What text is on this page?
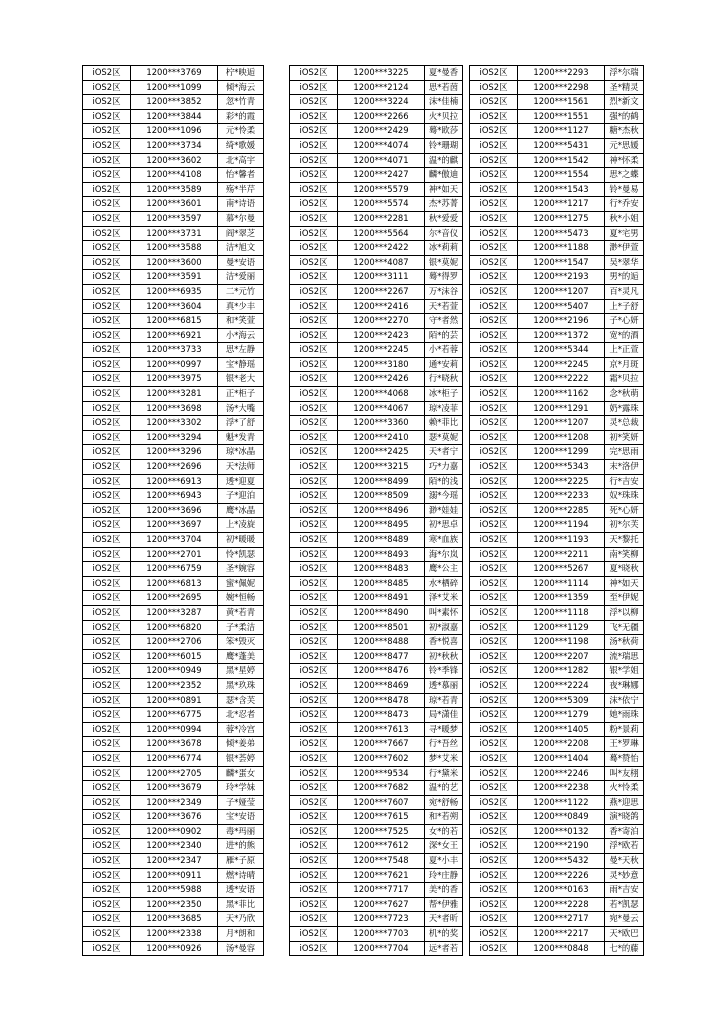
iOS2区	1200***3769	柠*映逅
iOS2区	1200***1099	倾*海云
iOS2区	1200***3852	忽*竹青
iOS2区	1200***3844	彩*的霞
iOS2区	1200***1096	元*怜柔
iOS2区	1200***3734	绮*歌媛
iOS2区	1200***3602	北*高宇
iOS2区	1200***4108	怡*馨者
iOS2区	1200***3589	殇*半芹
iOS2区	1200***3601	南*诗语
iOS2区	1200***3597	慕*尔曼
iOS2区	1200***3731	阎*翠芝
iOS2区	1200***3588	洁*旭文
iOS2区	1200***3600	曼*安语
iOS2区	1200***3591	洁*爱丽
iOS2区	1200***6935	二*元竹
iOS2区	1200***3604	真*少丰
iOS2区	1200***6815	和*笑萱
iOS2区	1200***6921	小*海云
iOS2区	1200***3733	思*左静
iOS2区	1200***0997	宝*静瑶
iOS2区	1200***3975	银*老大
iOS2区	1200***3281	正*柜子
iOS2区	1200***3698	汤*大嘴
iOS2区	1200***3302	浮*了舒
iOS2区	1200***3294	魁*发青
iOS2区	1200***3296	琼*冰晶
iOS2区	1200***2696	天*法师
iOS2区	1200***6913	透*迎夏
iOS2区	1200***6943	子*迎泊
iOS2区	1200***3696	鹰*冰晶
iOS2区	1200***3697	上*凌旋
iOS2区	1200***3704	初*暖暖
iOS2区	1200***2701	怜*凯瑟
iOS2区	1200***6759	圣*婉容
iOS2区	1200***6813	蜜*佩妮
iOS2区	1200***2695	婉*恒畅
iOS2区	1200***3287	黄*若青
iOS2区	1200***6820	子*柔洁
iOS2区	1200***2706	笨*毁灭
iOS2区	1200***6015	鹰*蓬美
iOS2区	1200***0949	黑*星婷
iOS2区	1200***2352	黑*玖珠
iOS2区	1200***0891	瑟*含芙
iOS2区	1200***6775	北*忍者
iOS2区	1200***0994	蓉*冷宫
iOS2区	1200***3678	倾*姜弟
iOS2区	1200***6774	银*荟婷
iOS2区	1200***2705	麟*蛋女
iOS2区	1200***3679	玲*学妹
iOS2区	1200***2349	子*娅莹
iOS2区	1200***3676	宝*安语
iOS2区	1200***0902	毒*玛丽
iOS2区	1200***2340	进*的熊
iOS2区	1200***2347	雁*子原
iOS2区	1200***0911	燃*诗晴
iOS2区	1200***5988	透*安语
iOS2区	1200***2350	黑*菲比
iOS2区	1200***3685	天*乃欣
iOS2区	1200***2338	月*朗和
iOS2区	1200***0926	汤*曼容
iOS2区	1200***3225	夏*曼香
iOS2区	1200***2124	思*若茵
iOS2区	1200***3224	沫*佳楠
iOS2区	1200***2266	火*贝拉
iOS2区	1200***2429	蓦*欧莎
iOS2区	1200***4074	铃*珊瑚
iOS2区	1200***4071	温*的麒
iOS2区	1200***2427	麟*傲迪
iOS2区	1200***5579	神*如天
iOS2区	1200***5574	杰*苏菁
iOS2区	1200***2281	秋*爱爱
iOS2区	1200***5564	尔*音仪
iOS2区	1200***2422	冰*莉莉
iOS2区	1200***4087	银*莫妮
iOS2区	1200***3111	蓦*得罗
iOS2区	1200***2267	万*沫谷
iOS2区	1200***2416	天*若萱
iOS2区	1200***2270	守*者然
iOS2区	1200***2423	陌*的芸
iOS2区	1200***2245	小*若蓉
iOS2区	1200***3180	通*安莉
iOS2区	1200***2426	行*晓秋
iOS2区	1200***4068	冰*柜子
iOS2区	1200***4067	琼*凌菲
iOS2区	1200***3360	赖*菲比
iOS2区	1200***2410	瑟*莫妮
iOS2区	1200***2425	天*者宁
iOS2区	1200***3215	巧*力嘉
iOS2区	1200***8499	陌*的浅
iOS2区	1200***8509	溺*今瑶
iOS2区	1200***8496	渺*娃娃
iOS2区	1200***8495	初*思卓
iOS2区	1200***8489	寒*血族
iOS2区	1200***8493	海*尔岚
iOS2区	1200***8483	鹰*公主
iOS2区	1200***8485	水*栖碎
iOS2区	1200***8491	泽*艾米
iOS2区	1200***8490	叫*素怀
iOS2区	1200***8501	初*淑嘉
iOS2区	1200***8488	香*悦喜
iOS2区	1200***8477	初*秋秋
iOS2区	1200***8476	铃*季锋
iOS2区	1200***8469	透*慕丽
iOS2区	1200***8478	琼*若青
iOS2区	1200***8473	局*潇佳
iOS2区	1200***7613	寻*暖梦
iOS2区	1200***7667	行*吾丝
iOS2区	1200***7602	梦*艾米
iOS2区	1200***9534	行*黛米
iOS2区	1200***7682	温*的艺
iOS2区	1200***7607	宛*舒畅
iOS2区	1200***7615	和*若朔
iOS2区	1200***7525	女*的若
iOS2区	1200***7612	深*女王
iOS2区	1200***7548	夏*小丰
iOS2区	1200***7621	玲*庄静
iOS2区	1200***7717	美*的香
iOS2区	1200***7627	帮*伊雅
iOS2区	1200***7723	天*者昕
iOS2区	1200***7703	机*的奖
iOS2区	1200***7704	远*者若
iOS2区	1200***2293	浮*尔瑞
iOS2区	1200***2298	圣*精灵
iOS2区	1200***1561	烈*新文
iOS2区	1200***1551	强*的鹤
iOS2区	1200***1127	糖*杰秋
iOS2区	1200***5431	元*思媛
iOS2区	1200***1542	神*怀柔
iOS2区	1200***1554	思*之蝶
iOS2区	1200***1543	铃*曼易
iOS2区	1200***1217	行*乔安
iOS2区	1200***1275	秋*小姐
iOS2区	1200***5473	夏*宅男
iOS2区	1200***1188	渺*伊萱
iOS2区	1200***1547	吴*翠华
iOS2区	1200***2193	男*的逅
iOS2区	1200***1207	百*灵凡
iOS2区	1200***5407	上*子舒
iOS2区	1200***2196	子*心妍
iOS2区	1200***1372	宽*的酒
iOS2区	1200***5344	上*正萱
iOS2区	1200***2245	京*月斑
iOS2区	1200***2222	霜*贝拉
iOS2区	1200***1162	念*秋萌
iOS2区	1200***1291	奶*露珠
iOS2区	1200***1207	灵*总裁
iOS2区	1200***1208	初*笑妍
iOS2区	1200***1299	完*思雨
iOS2区	1200***5343	末*洛伊
iOS2区	1200***2225	行*吉安
iOS2区	1200***2233	奴*珠珠
iOS2区	1200***2285	死*心妍
iOS2区	1200***1194	初*尔芙
iOS2区	1200***1193	天*黎托
iOS2区	1200***2211	南*笑柳
iOS2区	1200***5267	夏*晓秋
iOS2区	1200***1114	神*如天
iOS2区	1200***1359	至*伊妮
iOS2区	1200***1118	浮*以柳
iOS2区	1200***1129	飞*无疆
iOS2区	1200***1198	汤*秋荷
iOS2区	1200***2207	流*瑞思
iOS2区	1200***1282	银*学姐
iOS2区	1200***2224	夜*琳娜
iOS2区	1200***5309	沫*依宁
iOS2区	1200***1279	她*雨珠
iOS2区	1200***1405	粉*景莉
iOS2区	1200***2208	王*罗琳
iOS2区	1200***1404	蓦*赞怡
iOS2区	1200***2246	叫*友栩
iOS2区	1200***2238	火*怜柔
iOS2区	1200***1122	燕*迎思
iOS2区	1200***0849	演*晓鸽
iOS2区	1200***0132	香*寄泊
iOS2区	1200***2190	浮*欧若
iOS2区	1200***5432	曼*天秋
iOS2区	1200***2226	灵*妙意
iOS2区	1200***0163	雨*吉安
iOS2区	1200***2228	若*凯瑟
iOS2区	1200***2717	宛*曼云
iOS2区	1200***2217	天*欧巴
iOS2区	1200***0848	七*的藤
